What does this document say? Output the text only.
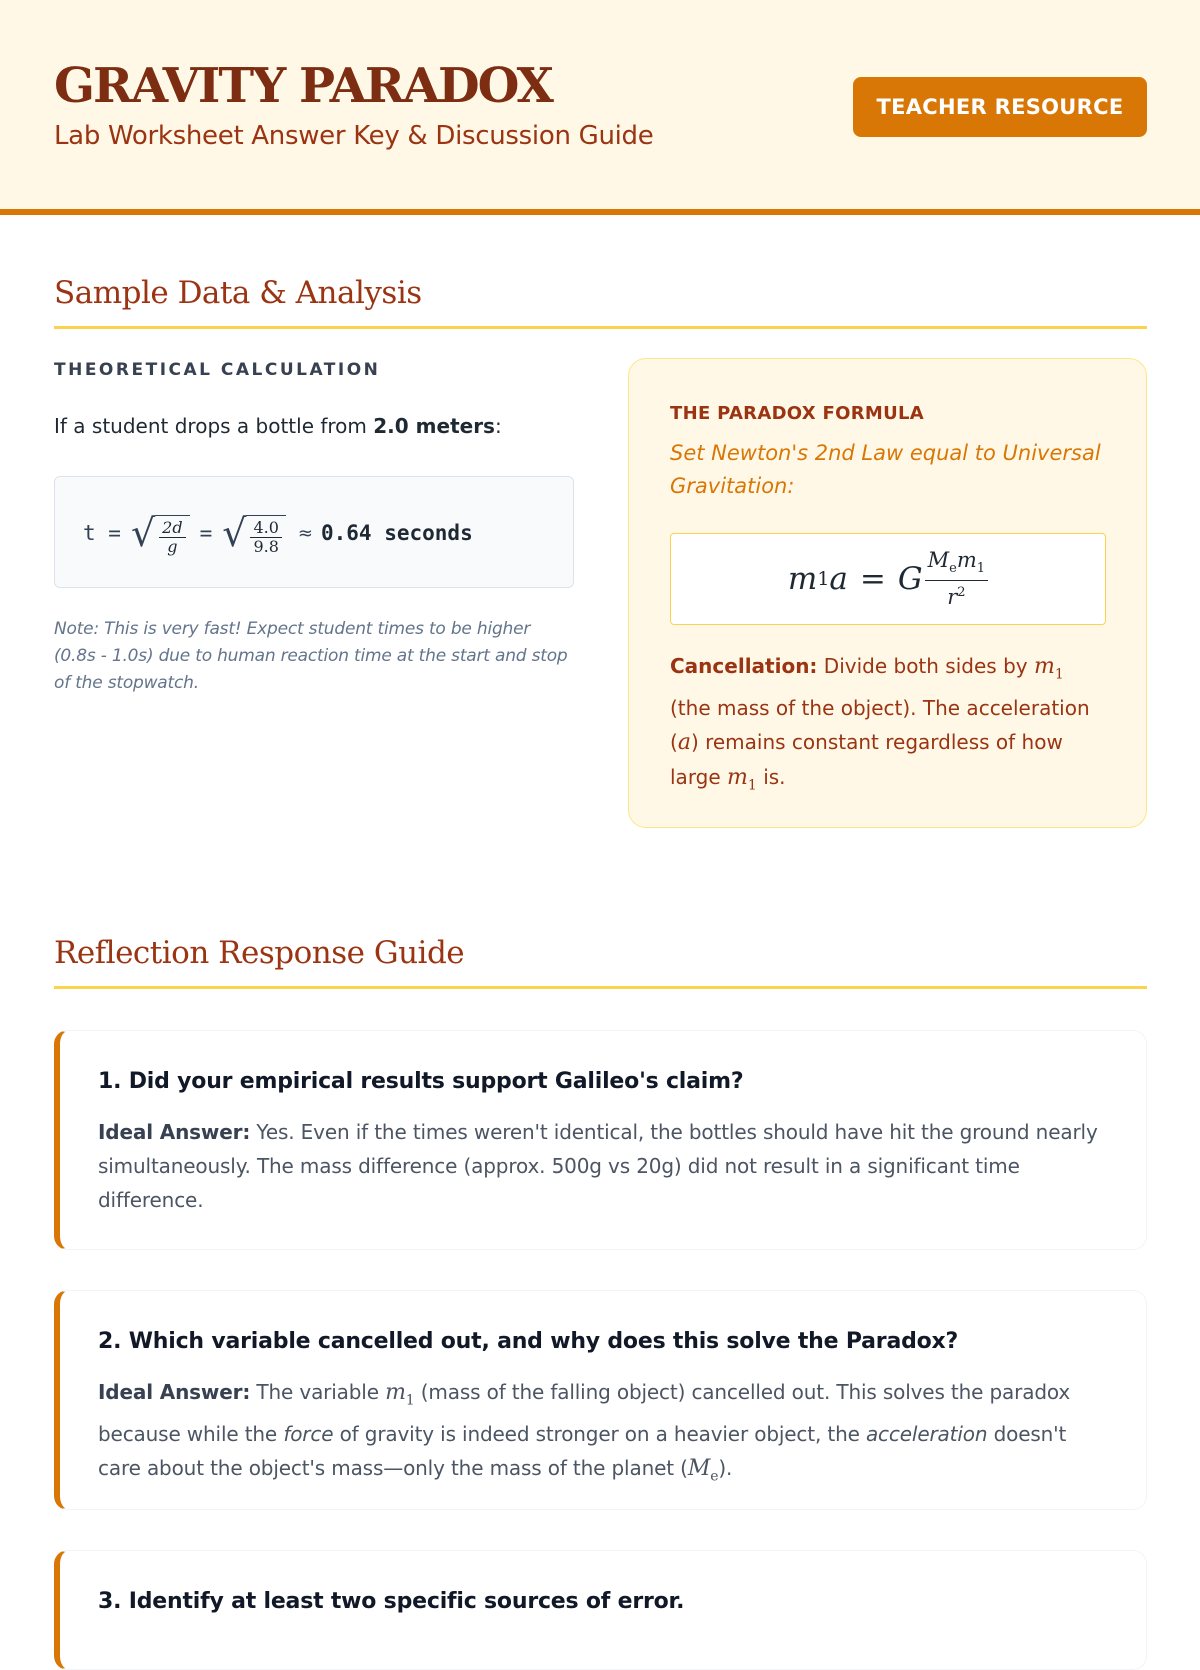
GRAVITY PARADOX
Lab Worksheet Answer Key & Discussion Guide
TEACHER RESOURCE
Sample Data & Analysis
THEORETICAL CALCULATION
If a student drops a bottle from 2.0 meters:
t = √ $\frac{2d}{g}$ = √ $\frac{4.0}{9.8} \approx 0.64$ seconds
Note: This is very fast! Expect student times to be higher (0.8s - 1.0s) due to human reaction time at the start and stop of the stopwatch.
THE PARADOX FORMULA
Set Newton's 2nd Law equal to Universal Gravitation:
m 1 a = G
$M_em_1$
$r^2$
Cancellation: Divide both sides by $m_1$ (the mass of the object). The acceleration (a) remains constant regardless of how large $m_1$ is.
Reflection Response Guide
1. Did your empirical results support Galileo's claim?
Ideal Answer: Yes. Even if the times weren't identical, the bottles should have hit the ground nearly simultaneously. The mass difference (approx. 500g vs 20g) did not result in a significant time difference.
2. Which variable cancelled out, and why does this solve the Paradox?
Ideal Answer: The variable $m_1$ (mass of the falling object) cancelled out. This solves the paradox because while the force of gravity is indeed stronger on a heavier object, the acceleration doesn't care about the object's mass—only the mass of the planet $(M_e)$.
3. Identify at least two specific sources of error.
